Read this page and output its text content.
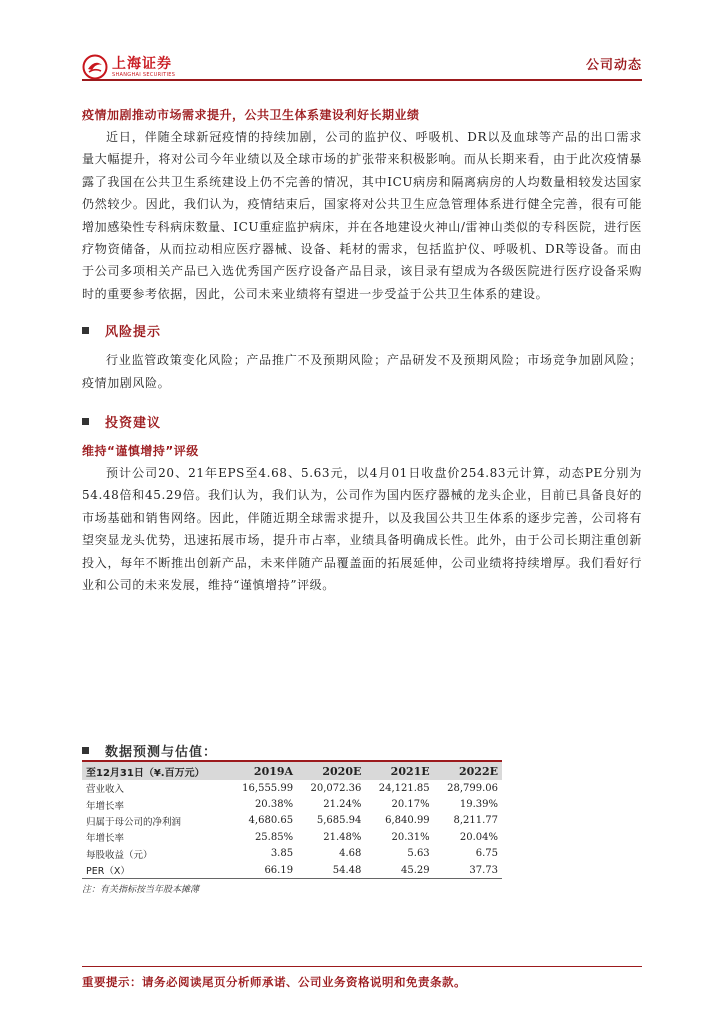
上海证券
SHANGHAI SECURITIES
公司动态

疫情加剧推动市场需求提升，公共卫生体系建设利好长期业绩

近日，伴随全球新冠疫情的持续加剧，公司的监护仪、呼吸机、DR以及血球等产品的出口需求量大幅提升，将对公司今年业绩以及全球市场的扩张带来积极影响。而从长期来看，由于此次疫情暴露了我国在公共卫生系统建设上仍不完善的情况，其中ICU病房和隔离病房的人均数量相较发达国家仍然较少。因此，我们认为，疫情结束后，国家将对公共卫生应急管理体系进行健全完善，很有可能增加感染性专科病床数量、ICU重症监护病床，并在各地建设火神山/雷神山类似的专科医院，进行医疗物资储备，从而拉动相应医疗器械、设备、耗材的需求，包括监护仪、呼吸机、DR等设备。而由于公司多项相关产品已入选优秀国产医疗设备产品目录，该目录有望成为各级医院进行医疗设备采购时的重要参考依据，因此，公司未来业绩将有望进一步受益于公共卫生体系的建设。

风险提示

行业监管政策变化风险；产品推广不及预期风险；产品研发不及预期风险；市场竞争加剧风险；疫情加剧风险。

投资建议

维持“谨慎增持”评级

预计公司20、21年EPS至4.68、5.63元，以4月01日收盘价254.83元计算，动态PE分别为54.48倍和45.29倍。我们认为，我们认为，公司作为国内医疗器械的龙头企业，目前已具备良好的市场基础和销售网络。因此，伴随近期全球需求提升，以及我国公共卫生体系的逐步完善，公司将有望突显龙头优势，迅速拓展市场，提升市占率，业绩具备明确成长性。此外，由于公司长期注重创新投入，每年不断推出创新产品，未来伴随产品覆盖面的拓展延伸，公司业绩将持续增厚。我们看好行业和公司的未来发展，维持“谨慎增持”评级。

数据预测与估值：
至12月31日（¥.百万元）	2019A	2020E	2021E	2022E
营业收入	16,555.99	20,072.36	24,121.85	28,799.06
年增长率	20.38%	21.24%	20.17%	19.39%
归属于母公司的净利润	4,680.65	5,685.94	6,840.99	8,211.77
年增长率	25.85%	21.48%	20.31%	20.04%
每股收益（元）	3.85	4.68	5.63	6.75
PER（X）	66.19	54.48	45.29	37.73
注：有关指标按当年股本摊薄
重要提示：请务必阅读尾页分析师承诺、公司业务资格说明和免责条款。
